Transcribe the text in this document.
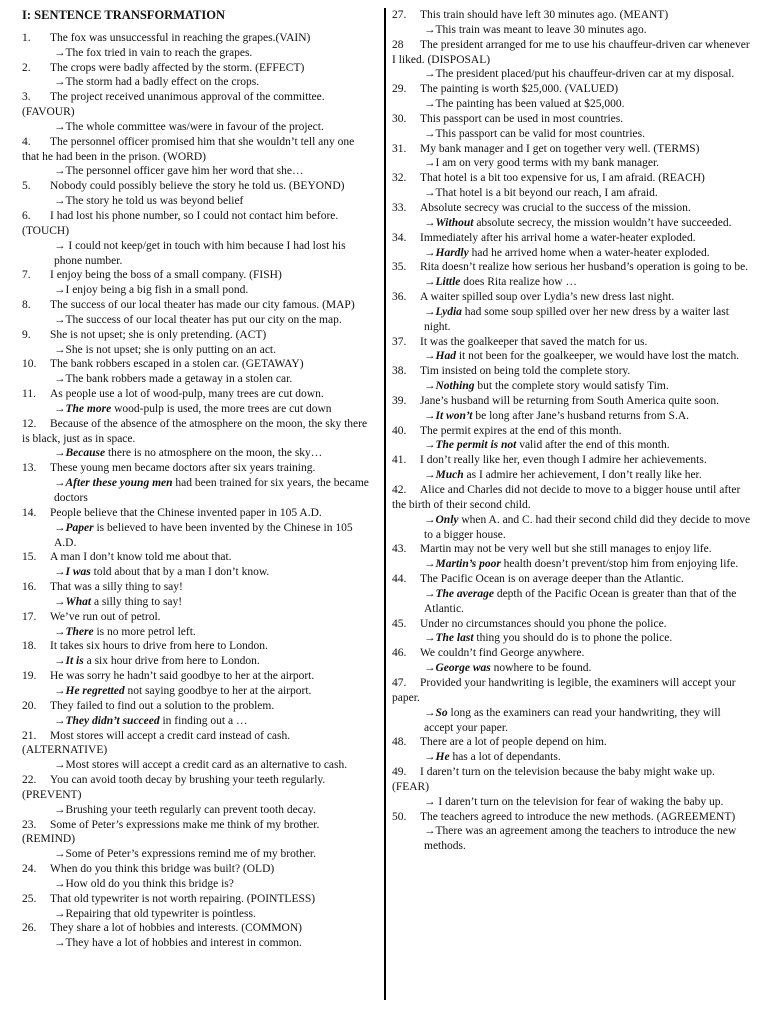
I: SENTENCE TRANSFORMATION
1. The fox was unsuccessful in reaching the grapes.(VAIN)
→The fox tried in vain to reach the grapes.
2. The crops were badly affected by the storm. (EFFECT)
→The storm had a badly effect on the crops.
3. The project received unanimous approval of the committee. (FAVOUR)
→The whole committee was/were in favour of the project.
4. The personnel officer promised him that she wouldn’t tell any one that he had been in the prison. (WORD)
→The personnel officer gave him her word that she…
5. Nobody could possibly believe the story he told us. (BEYOND)
→The story he told us was beyond belief
6. I had lost his phone number, so I could not contact him before. (TOUCH)
→ I could not keep/get in touch with him because I had lost his phone number.
7. I enjoy being the boss of a small company. (FISH)
→I enjoy being a big fish in a small pond.
8. The success of our local theater has made our city famous. (MAP)
→The success of our local theater has put our city on the map.
9. She is not upset; she is only pretending. (ACT)
→She is not upset; she is only putting on an act.
10. The bank robbers escaped in a stolen car. (GETAWAY)
→The bank robbers made a getaway in a stolen car.
11. As people use a lot of wood-pulp, many trees are cut down.
→The more wood-pulp is used, the more trees are cut down
12. Because of the absence of the atmosphere on the moon, the sky there is black, just as in space.
→Because there is no atmosphere on the moon, the sky…
13. These young men became doctors after six years training.
→After these young men had been trained for six years, the became doctors
14. People believe that the Chinese invented paper in 105 A.D.
→Paper is believed to have been invented by the Chinese in 105 A.D.
15. A man I don’t know told me about that.
→I was told about that by a man I don’t know.
16. That was a silly thing to say!
→What a silly thing to say!
17. We’ve run out of petrol.
→There is no more petrol left.
18. It takes six hours to drive from here to London.
→It is a six hour drive from here to London.
19. He was sorry he hadn’t said goodbye to her at the airport.
→He regretted not saying goodbye to her at the airport.
20. They failed to find out a solution to the problem.
→They didn’t succeed in finding out a …
21. Most stores will accept a credit card instead of cash. (ALTERNATIVE)
→Most stores will accept a credit card as an alternative to cash.
22. You can avoid tooth decay by brushing your teeth regularly. (PREVENT)
→Brushing your teeth regularly can prevent tooth decay.
23. Some of Peter’s expressions make me think of my brother. (REMIND)
→Some of Peter’s expressions remind me of my brother.
24. When do you think this bridge was built? (OLD)
→How old do you think this bridge is?
25. That old typewriter is not worth repairing. (POINTLESS)
→Repairing that old typewriter is pointless.
26. They share a lot of hobbies and interests. (COMMON)
→They have a lot of hobbies and interest in common.
27. This train should have left 30 minutes ago. (MEANT)
→This train was meant to leave 30 minutes ago.
28 The president arranged for me to use his chauffeur-driven car whenever I liked. (DISPOSAL)
→The president placed/put his chauffeur-driven car at my disposal.
29. The painting is worth $25,000. (VALUED)
→The painting has been valued at $25,000.
30. This passport can be used in most countries.
→This passport can be valid for most countries.
31. My bank manager and I get on together very well. (TERMS)
→I am on very good terms with my bank manager.
32. That hotel is a bit too expensive for us, I am afraid. (REACH)
→That hotel is a bit beyond our reach, I am afraid.
33. Absolute secrecy was crucial to the success of the mission.
→Without absolute secrecy, the mission wouldn’t have succeeded.
34. Immediately after his arrival home a water-heater exploded.
→Hardly had he arrived home when a water-heater exploded.
35. Rita doesn’t realize how serious her husband’s operation is going to be.
→Little does Rita realize how …
36. A waiter spilled soup over Lydia’s new dress last night.
→Lydia had some soup spilled over her new dress by a waiter last night.
37. It was the goalkeeper that saved the match for us.
→Had it not been for the goalkeeper, we would have lost the match.
38. Tim insisted on being told the complete story.
→Nothing but the complete story would satisfy Tim.
39. Jane’s husband will be returning from South America quite soon.
→It won’t be long after Jane’s husband returns from S.A.
40. The permit expires at the end of this month.
→The permit is not valid after the end of this month.
41. I don’t really like her, even though I admire her achievements.
→Much as I admire her achievement, I don’t really like her.
42. Alice and Charles did not decide to move to a bigger house until after the birth of their second child.
→Only when A. and C. had their second child did they decide to move to a bigger house.
43. Martin may not be very well but she still manages to enjoy life.
→Martin’s poor health doesn’t prevent/stop him from enjoying life.
44. The Pacific Ocean is on average deeper than the Atlantic.
→The average depth of the Pacific Ocean is greater than that of the Atlantic.
45. Under no circumstances should you phone the police.
→The last thing you should do is to phone the police.
46. We couldn’t find George anywhere.
→George was nowhere to be found.
47. Provided your handwriting is legible, the examiners will accept your paper.
→So long as the examiners can read your handwriting, they will accept your paper.
48. There are a lot of people depend on him.
→He has a lot of dependants.
49. I daren’t turn on the television because the baby might wake up. (FEAR)
→ I daren’t turn on the television for fear of waking the baby up.
50. The teachers agreed to introduce the new methods. (AGREEMENT)
→There was an agreement among the teachers to introduce the new methods.
